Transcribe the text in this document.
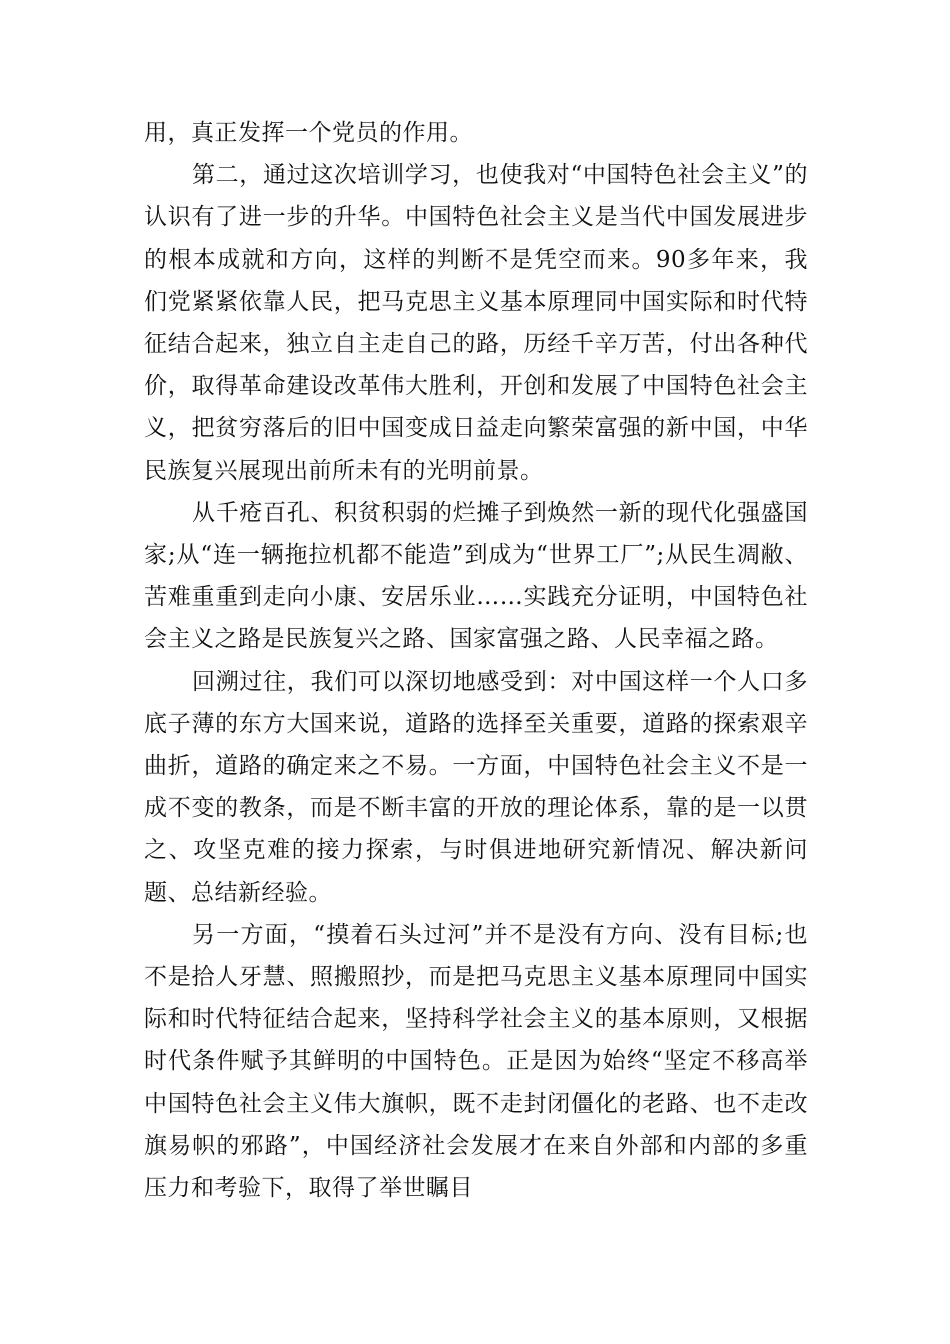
用，真正发挥一个党员的作用。

第二，通过这次培训学习，也使我对“中国特色社会主义”的认识有了进一步的升华。中国特色社会主义是当代中国发展进步的根本成就和方向，这样的判断不是凭空而来。90多年来，我们党紧紧依靠人民，把马克思主义基本原理同中国实际和时代特征结合起来，独立自主走自己的路，历经千辛万苦，付出各种代价，取得革命建设改革伟大胜利，开创和发展了中国特色社会主义，把贫穷落后的旧中国变成日益走向繁荣富强的新中国，中华民族复兴展现出前所未有的光明前景。

从千疮百孔、积贫积弱的烂摊子到焕然一新的现代化强盛国家;从“连一辆拖拉机都不能造”到成为“世界工厂”;从民生凋敝、苦难重重到走向小康、安居乐业……实践充分证明，中国特色社会主义之路是民族复兴之路、国家富强之路、人民幸福之路。

回溯过往，我们可以深切地感受到：对中国这样一个人口多底子薄的东方大国来说，道路的选择至关重要，道路的探索艰辛曲折，道路的确定来之不易。一方面，中国特色社会主义不是一成不变的教条，而是不断丰富的开放的理论体系，靠的是一以贯之、攻坚克难的接力探索，与时俱进地研究新情况、解决新问题、总结新经验。

另一方面，“摸着石头过河”并不是没有方向、没有目标;也不是拾人牙慧、照搬照抄，而是把马克思主义基本原理同中国实际和时代特征结合起来，坚持科学社会主义的基本原则，又根据时代条件赋予其鲜明的中国特色。正是因为始终“坚定不移高举中国特色社会主义伟大旗帜，既不走封闭僵化的老路、也不走改旗易帜的邪路”，中国经济社会发展才在来自外部和内部的多重压力和考验下，取得了举世瞩目
